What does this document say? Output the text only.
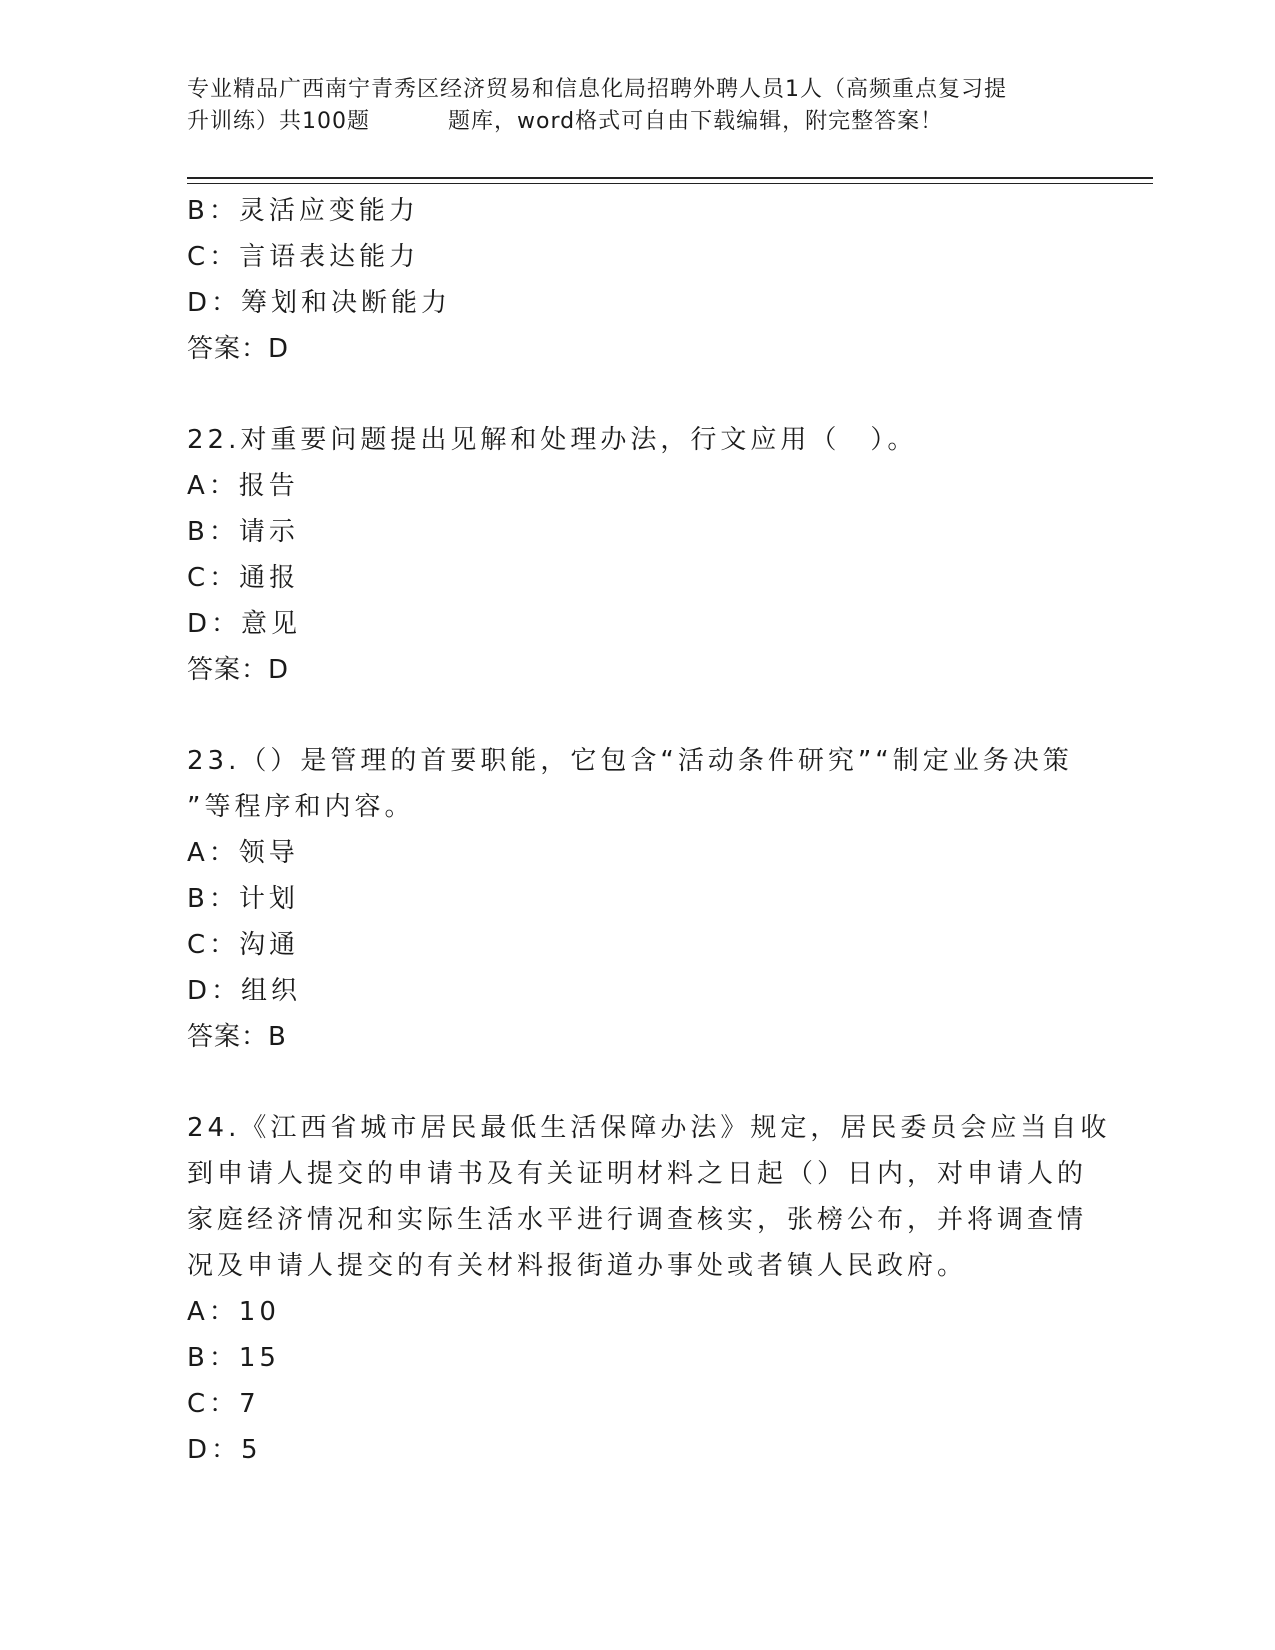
专业精品广西南宁青秀区经济贸易和信息化局招聘外聘人员1人（高频重点复习提
升训练）共100题	题库，word格式可自由下载编辑，附完整答案！
B：灵活应变能力
C：言语表达能力
D：筹划和决断能力
答案：D
22.对重要问题提出见解和处理办法，行文应用（　）。
A：报告
B：请示
C：通报
D：意见
答案：D
23.（）是管理的首要职能，它包含“活动条件研究”“制定业务决策
”等程序和内容。
A：领导
B：计划
C：沟通
D：组织
答案：B
24.《江西省城市居民最低生活保障办法》规定，居民委员会应当自收
到申请人提交的申请书及有关证明材料之日起（）日内，对申请人的
家庭经济情况和实际生活水平进行调查核实，张榜公布，并将调查情
况及申请人提交的有关材料报街道办事处或者镇人民政府。
A：10
B：15
C：7
D：5
